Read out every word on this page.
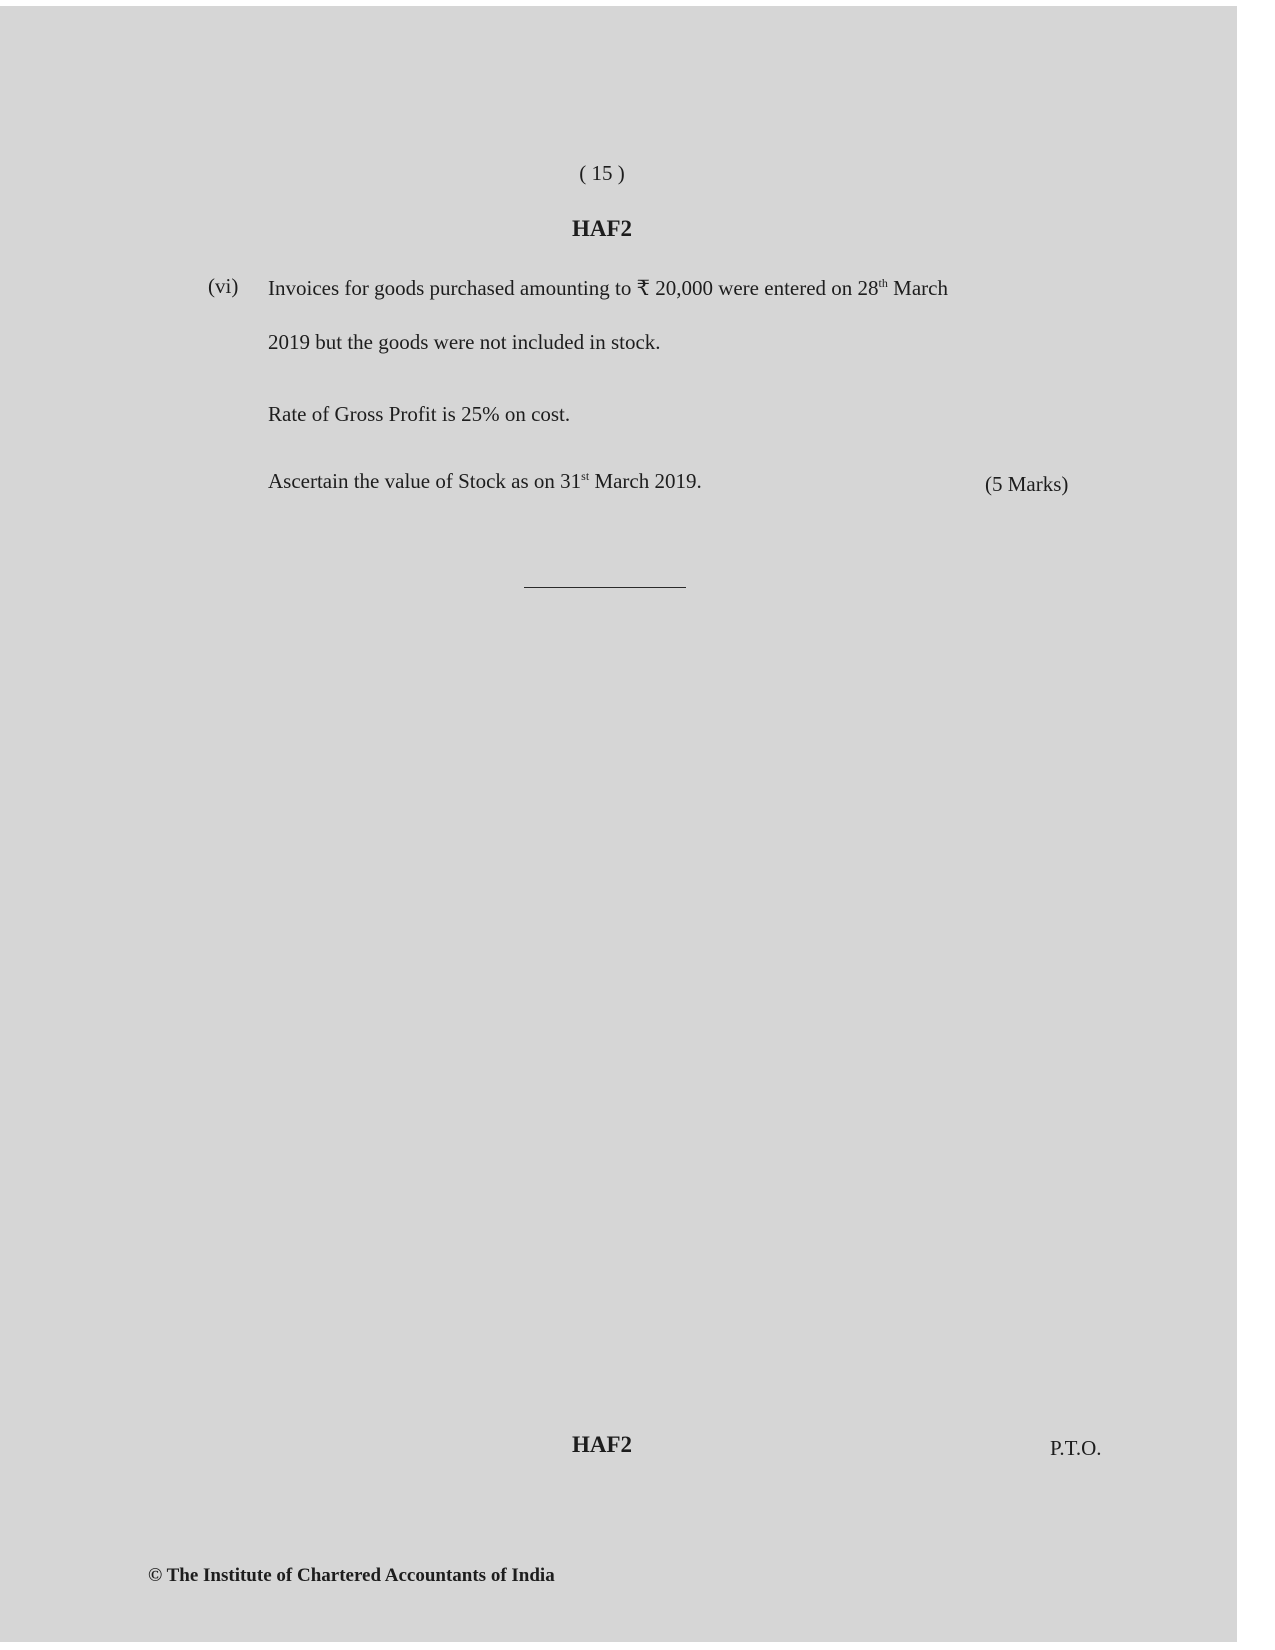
( 15 )
HAF2
(vi) Invoices for goods purchased amounting to ₹ 20,000 were entered on 28th March
2019 but the goods were not included in stock.
Rate of Gross Profit is 25% on cost.
Ascertain the value of Stock as on 31st March 2019.	(5 Marks)
HAF2	P.T.O.
© The Institute of Chartered Accountants of India
